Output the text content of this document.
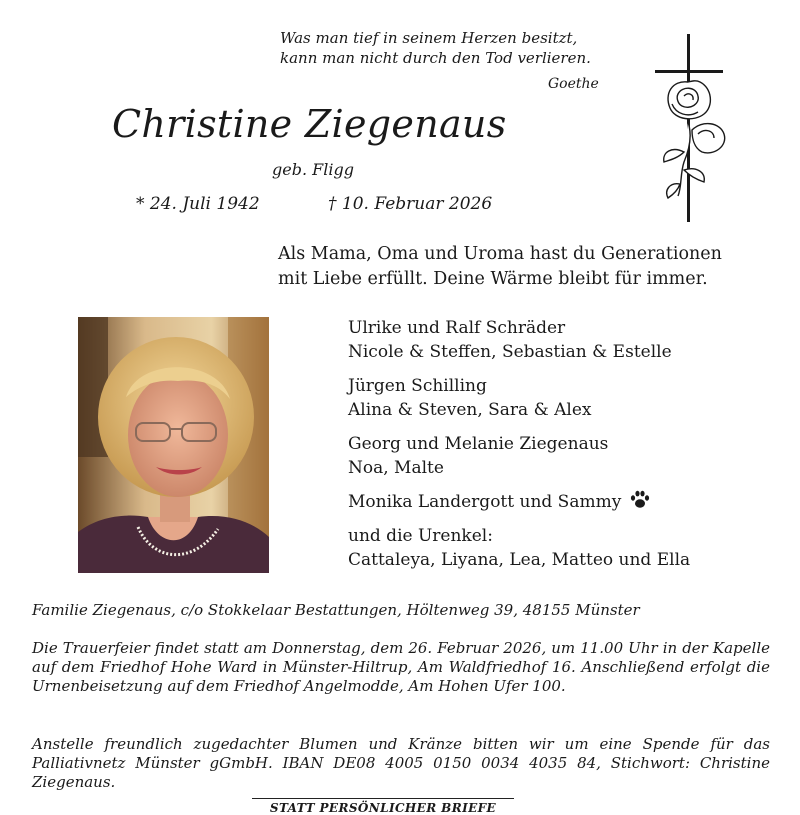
Was man tief in seinem Herzen besitzt,
kann man nicht durch den Tod verlieren.
Goethe
Christine Ziegenaus
geb. Fligg
* 24. Juli 1942	† 10. Februar 2026
Als Mama, Oma und Uroma hast du Generationen
mit Liebe erfüllt. Deine Wärme bleibt für immer.
Ulrike und Ralf Schräder
Nicole & Steffen, Sebastian & Estelle
Jürgen Schilling
Alina & Steven, Sara & Alex
Georg und Melanie Ziegenaus
Noa, Malte
Monika Landergott und Sammy
und die Urenkel:
Cattaleya, Liyana, Lea, Matteo und Ella
Familie Ziegenaus, c/o Stokkelaar Bestattungen, Höltenweg 39, 48155 Münster
Die Trauerfeier findet statt am Donnerstag, dem 26. Februar 2026, um 11.00 Uhr in der Kapelle auf dem Friedhof Hohe Ward in Münster-Hiltrup, Am Waldfriedhof 16. Anschließend erfolgt die Urnenbeisetzung auf dem Friedhof Angelmodde, Am Hohen Ufer 100.
Anstelle freundlich zugedachter Blumen und Kränze bitten wir um eine Spende für das Palliativnetz Münster gGmbH. IBAN DE08 4005 0150 0034 4035 84, Stichwort: Christine Ziegenaus.
STATT PERSÖNLICHER BRIEFE
